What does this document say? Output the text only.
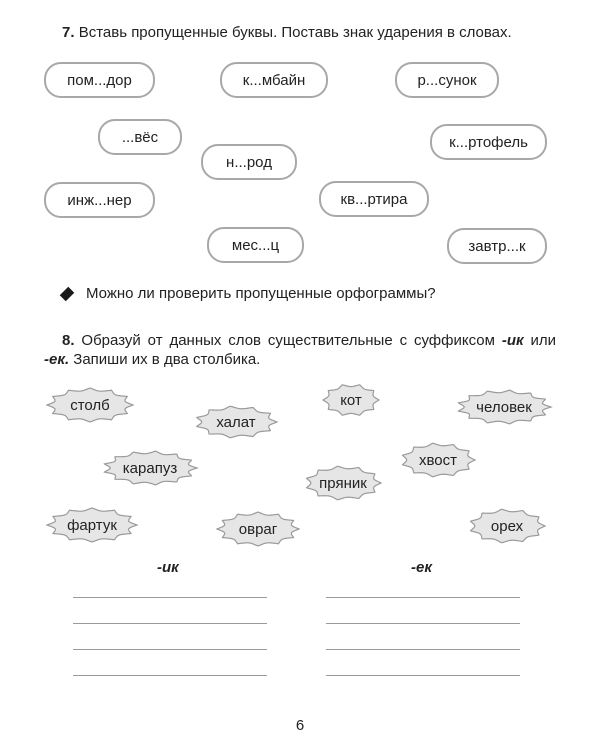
7. Вставь пропущенные буквы. Поставь знак ударения в словах.
пом...дор	к...мбайн	р...сунок
...вёс	к...ртофель
н...род
инж...нер	кв...ртира
мес...ц	завтр...к
Можно ли проверить пропущенные орфограммы?
8. Образуй от данных слов существительные с суффиксом -ик или -ек. Запиши их в два столбика.
столб
халат
кот	человек
карапуз	хвост
пряник
фартук	овраг	орех
-ик	-ек
6
